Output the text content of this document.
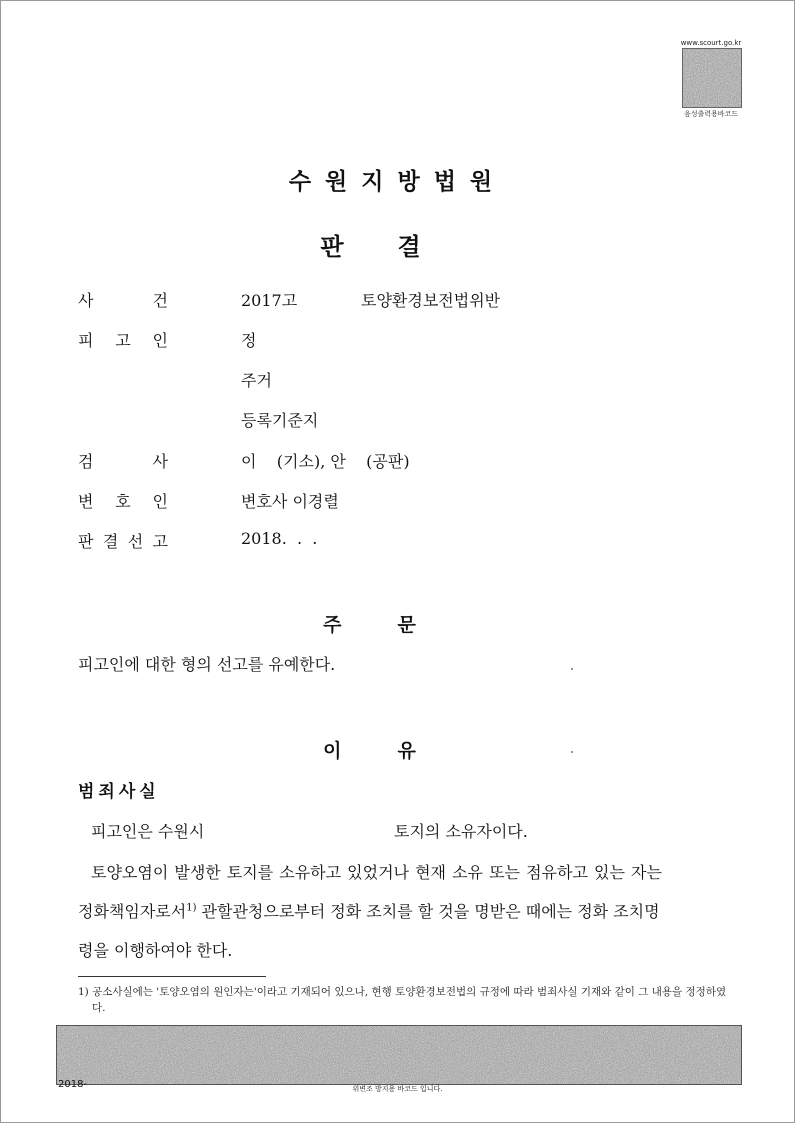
www.scourt.go.kr
음성출력용바코드
수원지방법원
판결
사	건	2017고	토양환경보전법위반
피 고 인	정
주거
등록기준지
검	사	이    (기소), 안    (공판)
변 호 인	변호사 이경렬
판 결 선 고	2018.  .  .
주문
피고인에 대한 형의 선고를 유예한다.
이유
범죄사실
피고인은 수원시	토지의 소유자이다.
토양오염이 발생한 토지를 소유하고 있었거나 현재 소유 또는 점유하고 있는 자는
정화책임자로서$^{1)}$ 관할관청으로부터 정화 조치를 할 것을 명받은 때에는 정화 조치명
령을 이행하여야 한다.
1) 공소사실에는 '토양오염의 원인자는'이라고 기재되어 있으나, 현행 토양환경보전법의 규정에 따라 범죄사실 기재와 같이 그 내용을 정정하였다.
2018-	위변조 방지용 바코드 입니다.
